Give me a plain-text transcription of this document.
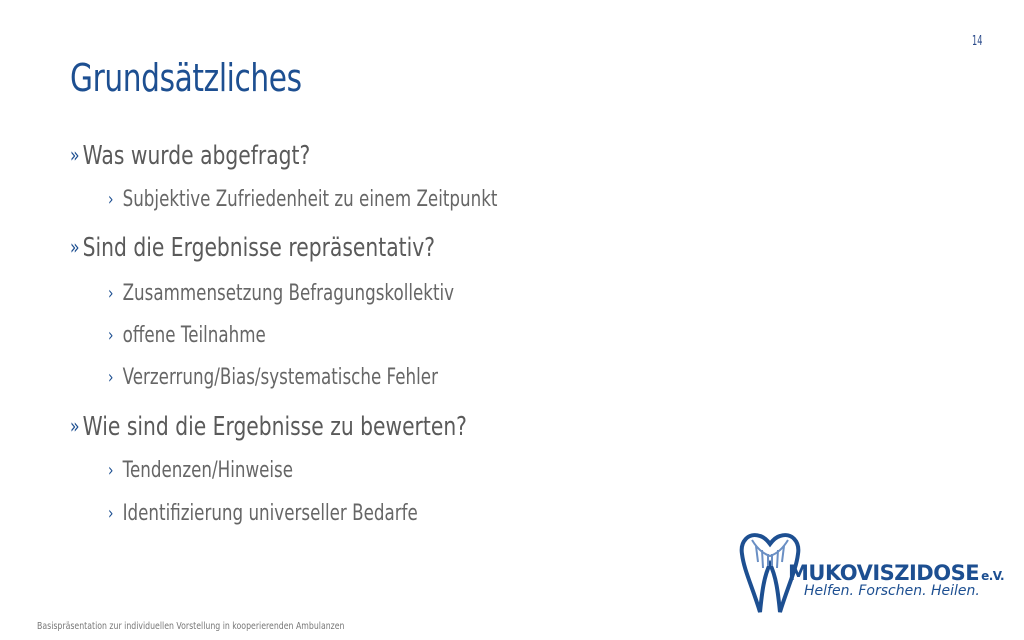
14
Grundsätzliches
» Was wurde abgefragt?
› Subjektive Zufriedenheit zu einem Zeitpunkt
» Sind die Ergebnisse repräsentativ?
› Zusammensetzung Befragungskollektiv
› offene Teilnahme
› Verzerrung/Bias/systematische Fehler
» Wie sind die Ergebnisse zu bewerten?
› Tendenzen/Hinweise
› Identifizierung universeller Bedarfe
MUKOVISZIDOSE e.V.
Helfen. Forschen. Heilen.
Basispräsentation zur individuellen Vorstellung in kooperierenden Ambulanzen
